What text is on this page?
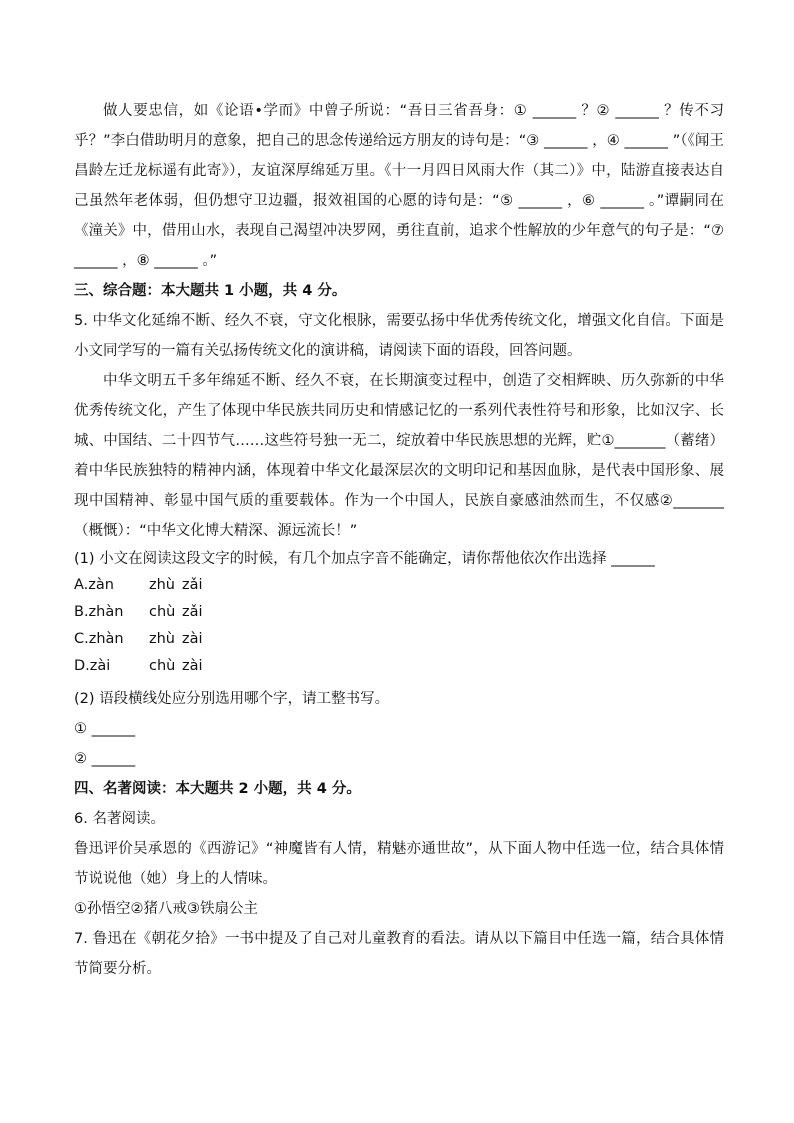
做人要忠信，如《论语•学而》中曾子所说：“吾日三省吾身：① ______ ？② ______ ？传不习乎？”李白借助明月的意象，把自己的思念传递给远方朋友的诗句是：“③ ______ ，④ ______ ”（《闻王昌龄左迁龙标遥有此寄》），友谊深厚绵延万里。《十一月四日风雨大作（其二）》中，陆游直接表达自己虽然年老体弱，但仍想守卫边疆，报效祖国的心愿的诗句是：“⑤ ______ ，⑥ ______ 。”谭嗣同在《潼关》中，借用山水，表现自己渴望冲决罗网，勇往直前，追求个性解放的少年意气的句子是：“⑦ ______ ，⑧ ______ 。”

三、综合题：本大题共 1 小题，共 4 分。

5. 中华文化延绵不断、经久不衰，守文化根脉，需要弘扬中华优秀传统文化，增强文化自信。下面是小文同学写的一篇有关弘扬传统文化的演讲稿，请阅读下面的语段，回答问题。

中华文明五千多年绵延不断、经久不衰，在长期演变过程中，创造了交相辉映、历久弥新的中华优秀传统文化，产生了体现中华民族共同历史和情感记忆的一系列代表性符号和形象，比如汉字、长城、中国结、二十四节气……这些符号独一无二，绽放着中华民族思想的光辉，贮①_______（蓄绪）着中华民族独特的精神内涵，体现着中华文化最深层次的文明印记和基因血脉，是代表中国形象、展现中国精神、彰显中国气质的重要载体。作为一个中国人，民族自豪感油然而生，不仅感②_______（概慨）：“中华文化博大精深、源远流长！”

(1) 小文在阅读这段文字的时候，有几个加点字音不能确定，请你帮他依次作出选择 ______

A.zàn	zhù zǎi
B.zhàn	chù zǎi
C.zhàn	zhù zài
D.zài	chù zài

(2) 语段横线处应分别选用哪个字，请工整书写。

① ______

② ______

四、名著阅读：本大题共 2 小题，共 4 分。

6. 名著阅读。

鲁迅评价吴承恩的《西游记》“神魔皆有人情，精魅亦通世故”，从下面人物中任选一位，结合具体情节说说他（她）身上的人情味。

①孙悟空②猪八戒③铁扇公主

7. 鲁迅在《朝花夕拾》一书中提及了自己对儿童教育的看法。请从以下篇目中任选一篇，结合具体情节简要分析。
